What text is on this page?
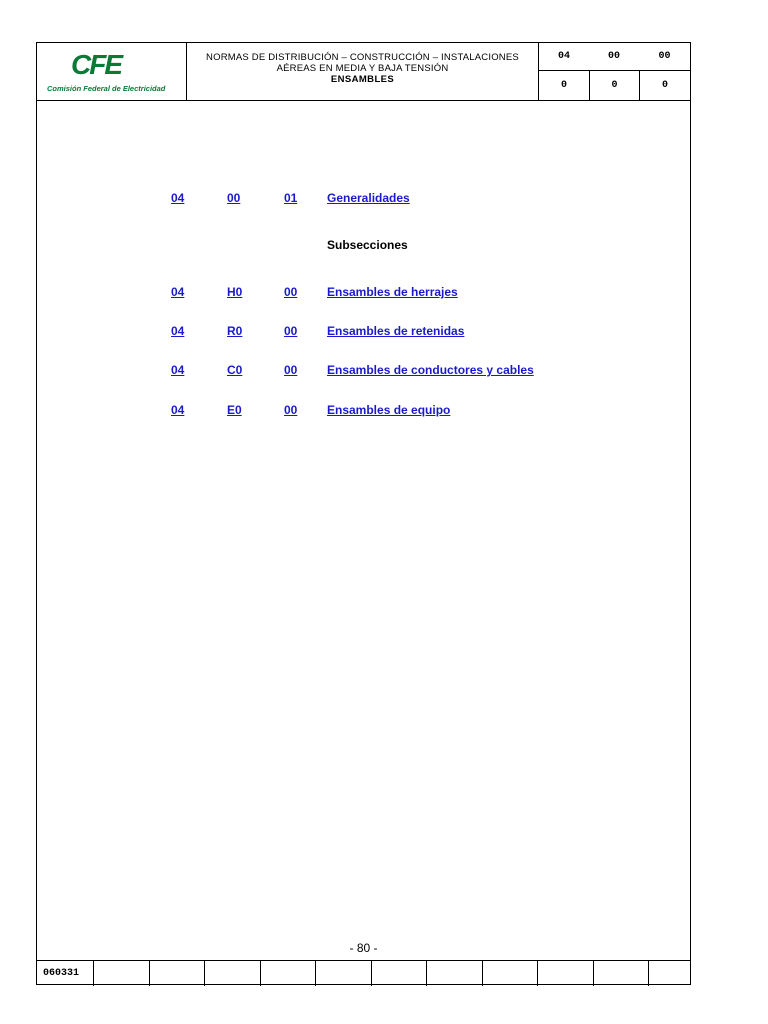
CFE
Comisión Federal de Electricidad
NORMAS DE DISTRIBUCIÓN – CONSTRUCCIÓN – INSTALACIONES
AÉREAS EN MEDIA Y BAJA TENSIÓN
ENSAMBLES
04	00	00
0	0	0
04	00	01 Generalidades
Subsecciones
04	H0	00 Ensambles de herrajes
04	R0	00 Ensambles de retenidas
04	C0	00 Ensambles de conductores y cables
04	E0	00 Ensambles de equipo
- 80 -
060331
